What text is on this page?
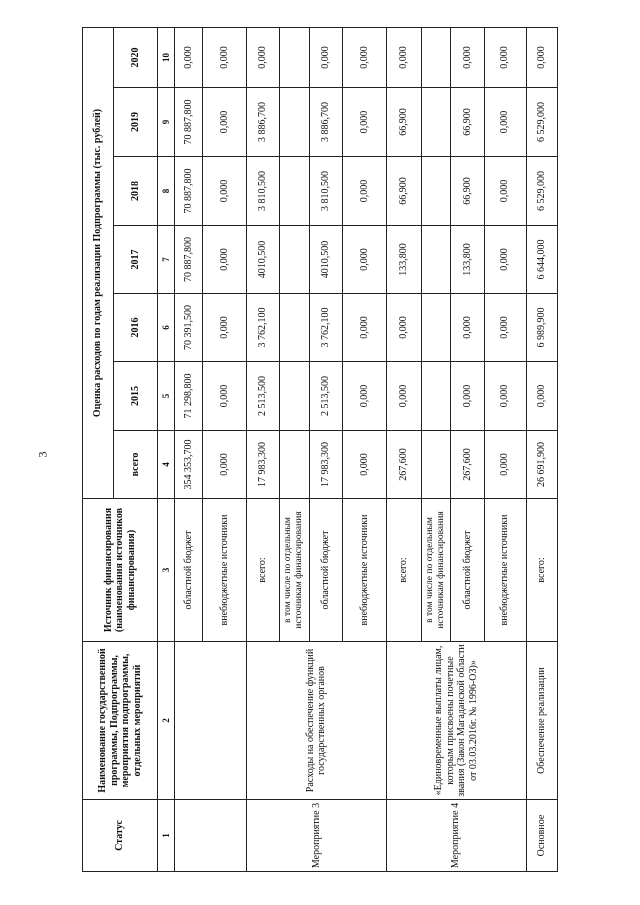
3
Статус	Наименование государственной программы, Подпрограммы, мероприятия подпрограммы, отдельных мероприятий	Источник финансирования (наименования источников финансирования)	Оценка расходов по годам реализации Подпрограммы (тыс. рублей)						
			всего	2015	2016	2017	2018	2019	2020
1	2	3	4	5	6	7	8	9	10
		областной бюджет	354 353,700	71 298,800	70 391,500	70 887,800	70 887,800	70 887,800	0,000
		внебюджетные источники	0,000	0,000	0,000	0,000	0,000	0,000	0,000
Мероприятие 3	Расходы на обеспечение функций государственных органов	всего:	17 983,300	2 513,500	3 762,100	4010,500	3 810,500	3 886,700	0,000
		в том числе по отдельным источникам финансирования							
		областной бюджет	17 983,300	2 513,500	3 762,100	4010,500	3 810,500	3 886,700	0,000
		внебюджетные источники	0,000	0,000	0,000	0,000	0,000	0,000	0,000
Мероприятие 4	«Единовременные выплаты лицам, которым присвоены почетные звания (Закон Магаданской области от 03.03.2016г. № 1996-ОЗ)»	всего:	267,600	0,000	0,000	133,800	66,900	66,900	0,000
		в том числе по отдельным источникам финансирования							
		областной бюджет	267,600	0,000	0,000	133,800	66,900	66,900	0,000
		внебюджетные источники	0,000	0,000	0,000	0,000	0,000	0,000	0,000
Основное	Обеспечение реализации	всего:	26 691,900	0,000	6 989,900	6 644,000	6 529,000	6 529,000	0,000
